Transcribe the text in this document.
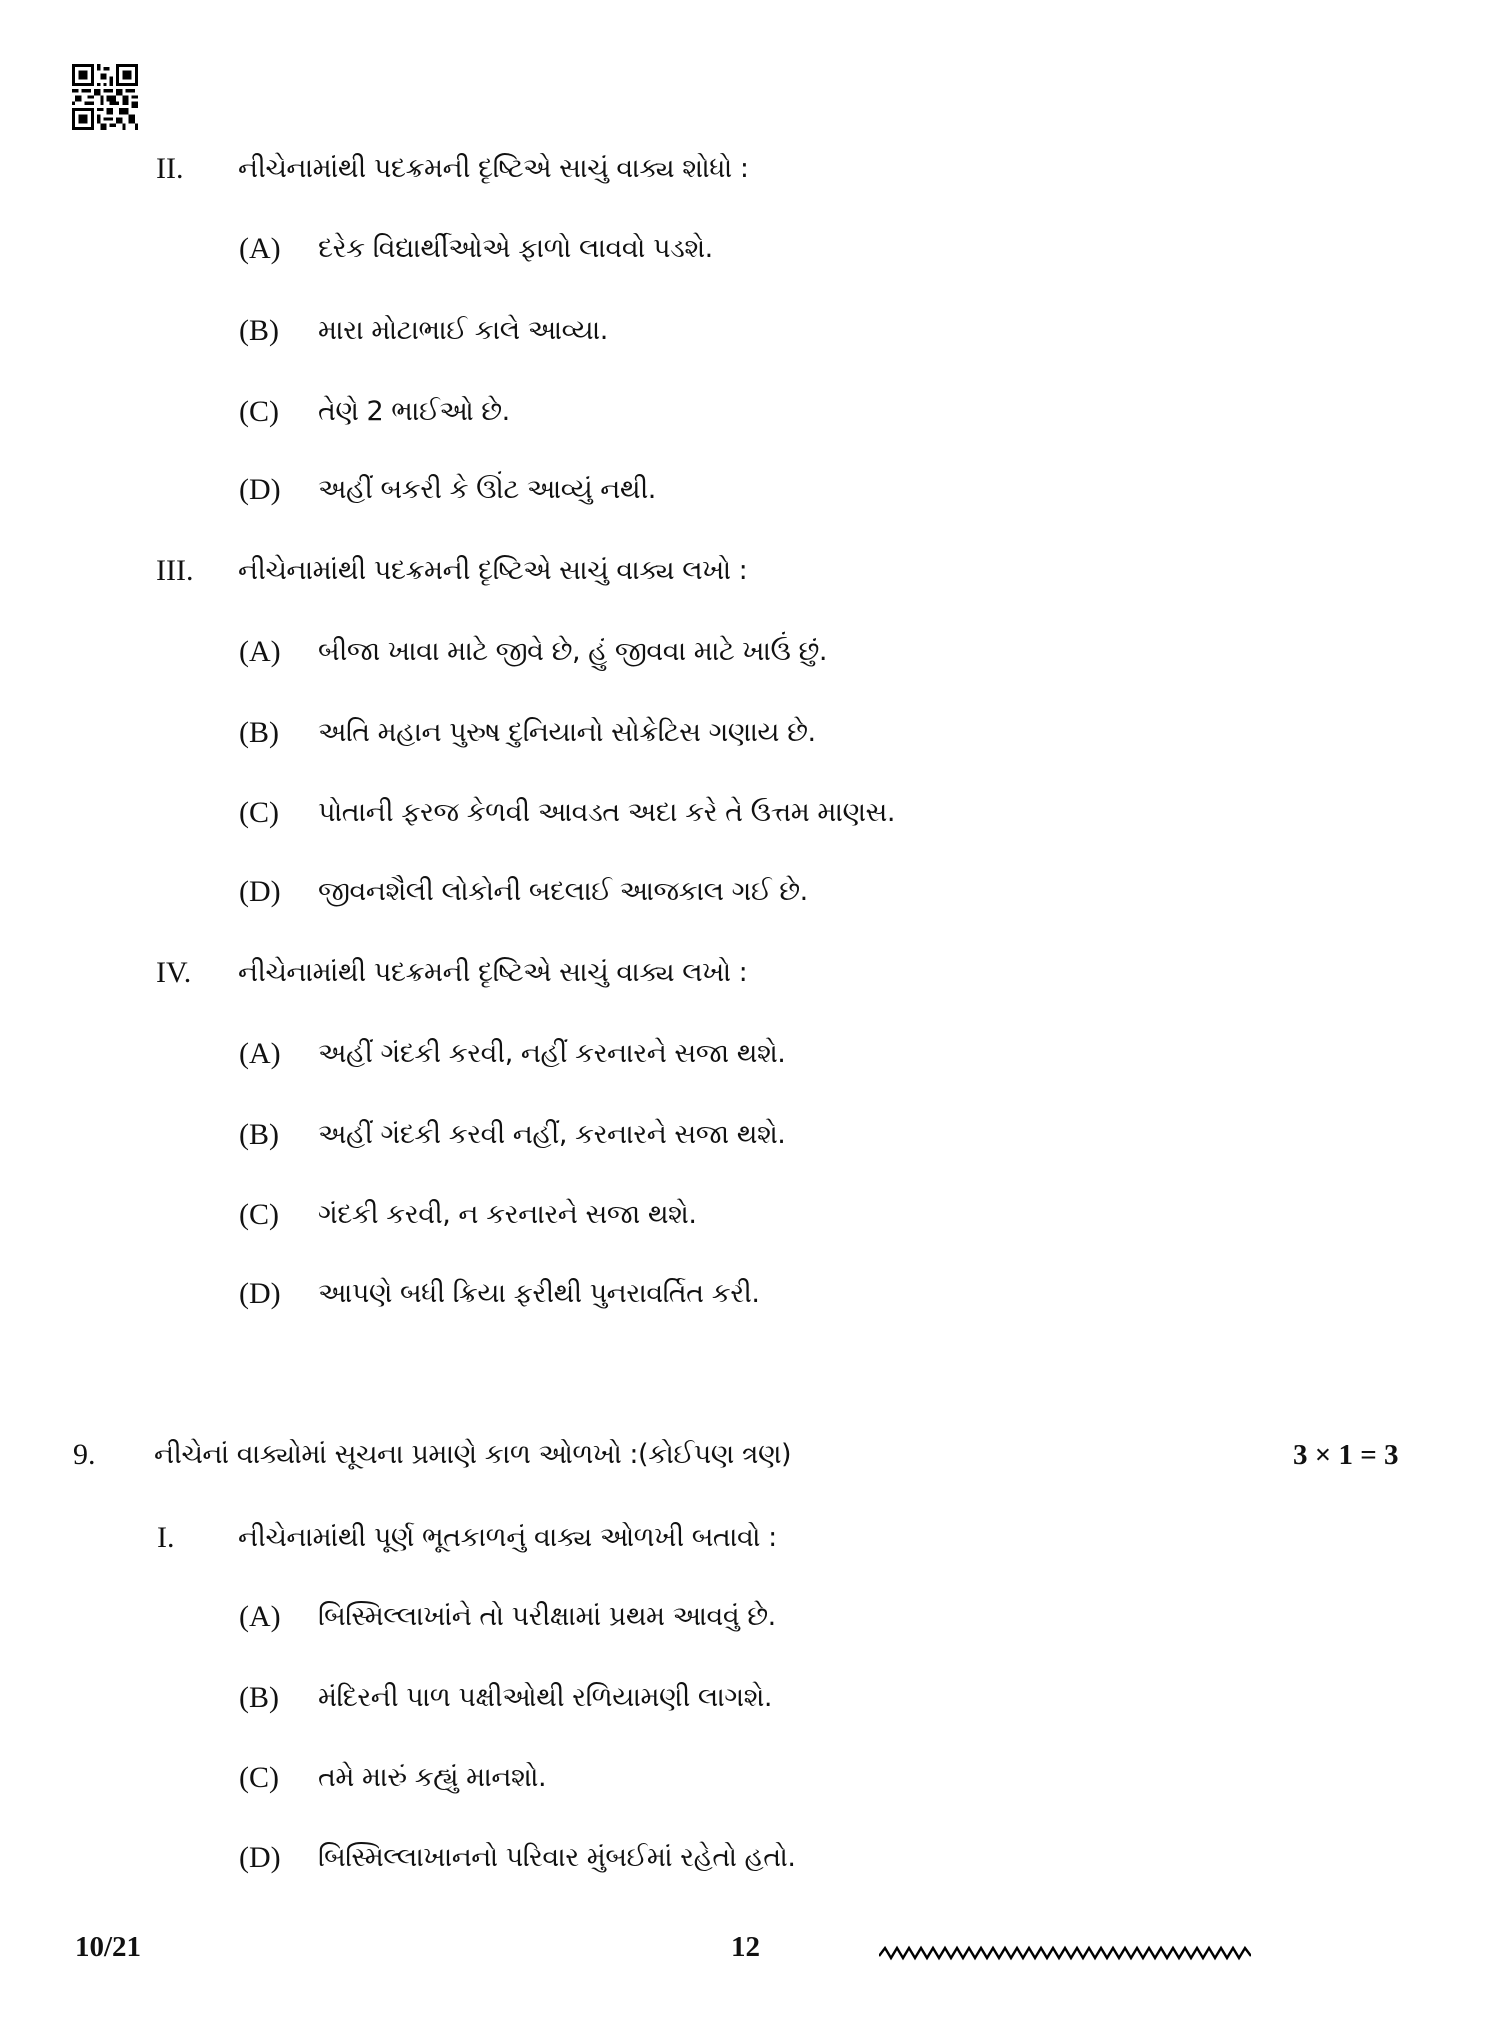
II. નીચેનામાંથી પદક્રમની દૃષ્ટિએ સાચું વાક્ય શોધો :
(A) દરેક વિદ્યાર્થીઓએ ફાળો લાવવો પડશે.
(B) મારા મોટાભાઈ કાલે આવ્યા.
(C) તેણે 2 ભાઈઓ છે.
(D) અહીં બકરી કે ઊંટ આવ્યું નથી.
III. નીચેનામાંથી પદક્રમની દૃષ્ટિએ સાચું વાક્ય લખો :
(A) બીજા ખાવા માટે જીવે છે, હું જીવવા માટે ખાઉં છું.
(B) અતિ મહાન પુરુષ દુનિયાનો સોક્રેટિસ ગણાય છે.
(C) પોતાની ફરજ કેળવી આવડત અદા કરે તે ઉત્તમ માણસ.
(D) જીવનશૈલી લોકોની બદલાઈ આજકાલ ગઈ છે.
IV. નીચેનામાંથી પદક્રમની દૃષ્ટિએ સાચું વાક્ય લખો :
(A) અહીં ગંદકી કરવી, નહીં કરનારને સજા થશે.
(B) અહીં ગંદકી કરવી નહીં, કરનારને સજા થશે.
(C) ગંદકી કરવી, ન કરનારને સજા થશે.
(D) આપણે બધી ક્રિયા ફરીથી પુનરાવર્તિત કરી.
9. નીચેનાં વાક્યોમાં સૂચના પ્રમાણે કાળ ઓળખો :(કોઈપણ ત્રણ)	3 × 1 = 3
I. નીચેનામાંથી પૂર્ણ ભૂતકાળનું વાક્ય ઓળખી બતાવો :
(A) બિસ્મિલ્લાખાંને તો પરીક્ષામાં પ્રથમ આવવું છે.
(B) મંદિરની પાળ પક્ષીઓથી રળિયામણી લાગશે.
(C) તમે મારું કહ્યું માનશો.
(D) બિસ્મિલ્લાખાનનો પરિવાર મુંબઈમાં રહેતો હતો.
10/21	12
